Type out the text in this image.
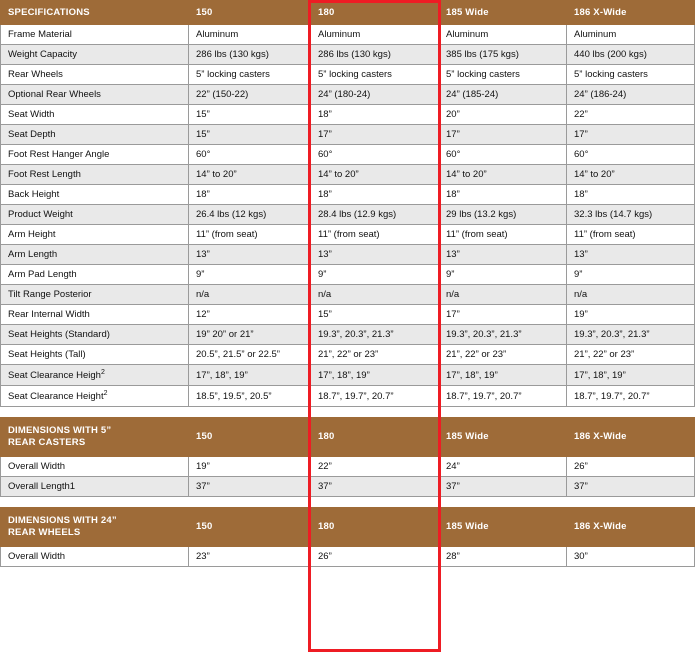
SPECIFICATIONS	150	180	185 Wide	186 X-Wide
Frame Material	Aluminum	Aluminum	Aluminum	Aluminum
Weight Capacity	286 lbs (130 kgs)	286 lbs (130 kgs)	385 lbs (175 kgs)	440 lbs (200 kgs)
Rear Wheels	5” locking casters	5” locking casters	5” locking casters	5” locking casters
Optional Rear Wheels	22” (150-22)	24” (180-24)	24” (185-24)	24” (186-24)
Seat Width	15”	18”	20”	22”
Seat Depth	15”	17”	17”	17”
Foot Rest Hanger Angle	60°	60°	60°	60°
Foot Rest Length	14” to 20”	14” to 20”	14” to 20”	14” to 20”
Back Height	18”	18”	18”	18”
Product Weight	26.4 lbs (12 kgs)	28.4 lbs (12.9 kgs)	29 lbs (13.2 kgs)	32.3 lbs (14.7 kgs)
Arm Height	11” (from seat)	11” (from seat)	11” (from seat)	11” (from seat)
Arm Length	13”	13”	13”	13”
Arm Pad Length	9”	9”	9”	9”
Tilt Range Posterior	n/a	n/a	n/a	n/a
Rear Internal Width	12”	15”	17”	19”
Seat Heights (Standard)	19” 20” or 21”	19.3”, 20.3”, 21.3”	19.3”, 20.3”, 21.3”	19.3”, 20.3”, 21.3”
Seat Heights (Tall)	20.5”, 21.5” or 22.5”	21”, 22” or 23”	21”, 22” or 23”	21”, 22” or 23”
Seat Clearance Heigh$^2$	17”, 18”, 19”	17”, 18”, 19”	17”, 18”, 19”	17”, 18”, 19”
Seat Clearance Height$^2$	18.5”, 19.5”, 20.5”	18.7”, 19.7”, 20.7”	18.7”, 19.7”, 20.7”	18.7”, 19.7”, 20.7”

DIMENSIONS WITH 5”
REAR CASTERS	150	180	185 Wide	186 X-Wide
Overall Width	19”	22”	24”	26”
Overall Length1	37”	37”	37”	37”

DIMENSIONS WITH 24”
REAR WHEELS	150	180	185 Wide	186 X-Wide
Overall Width	23”	26”	28”	30”
